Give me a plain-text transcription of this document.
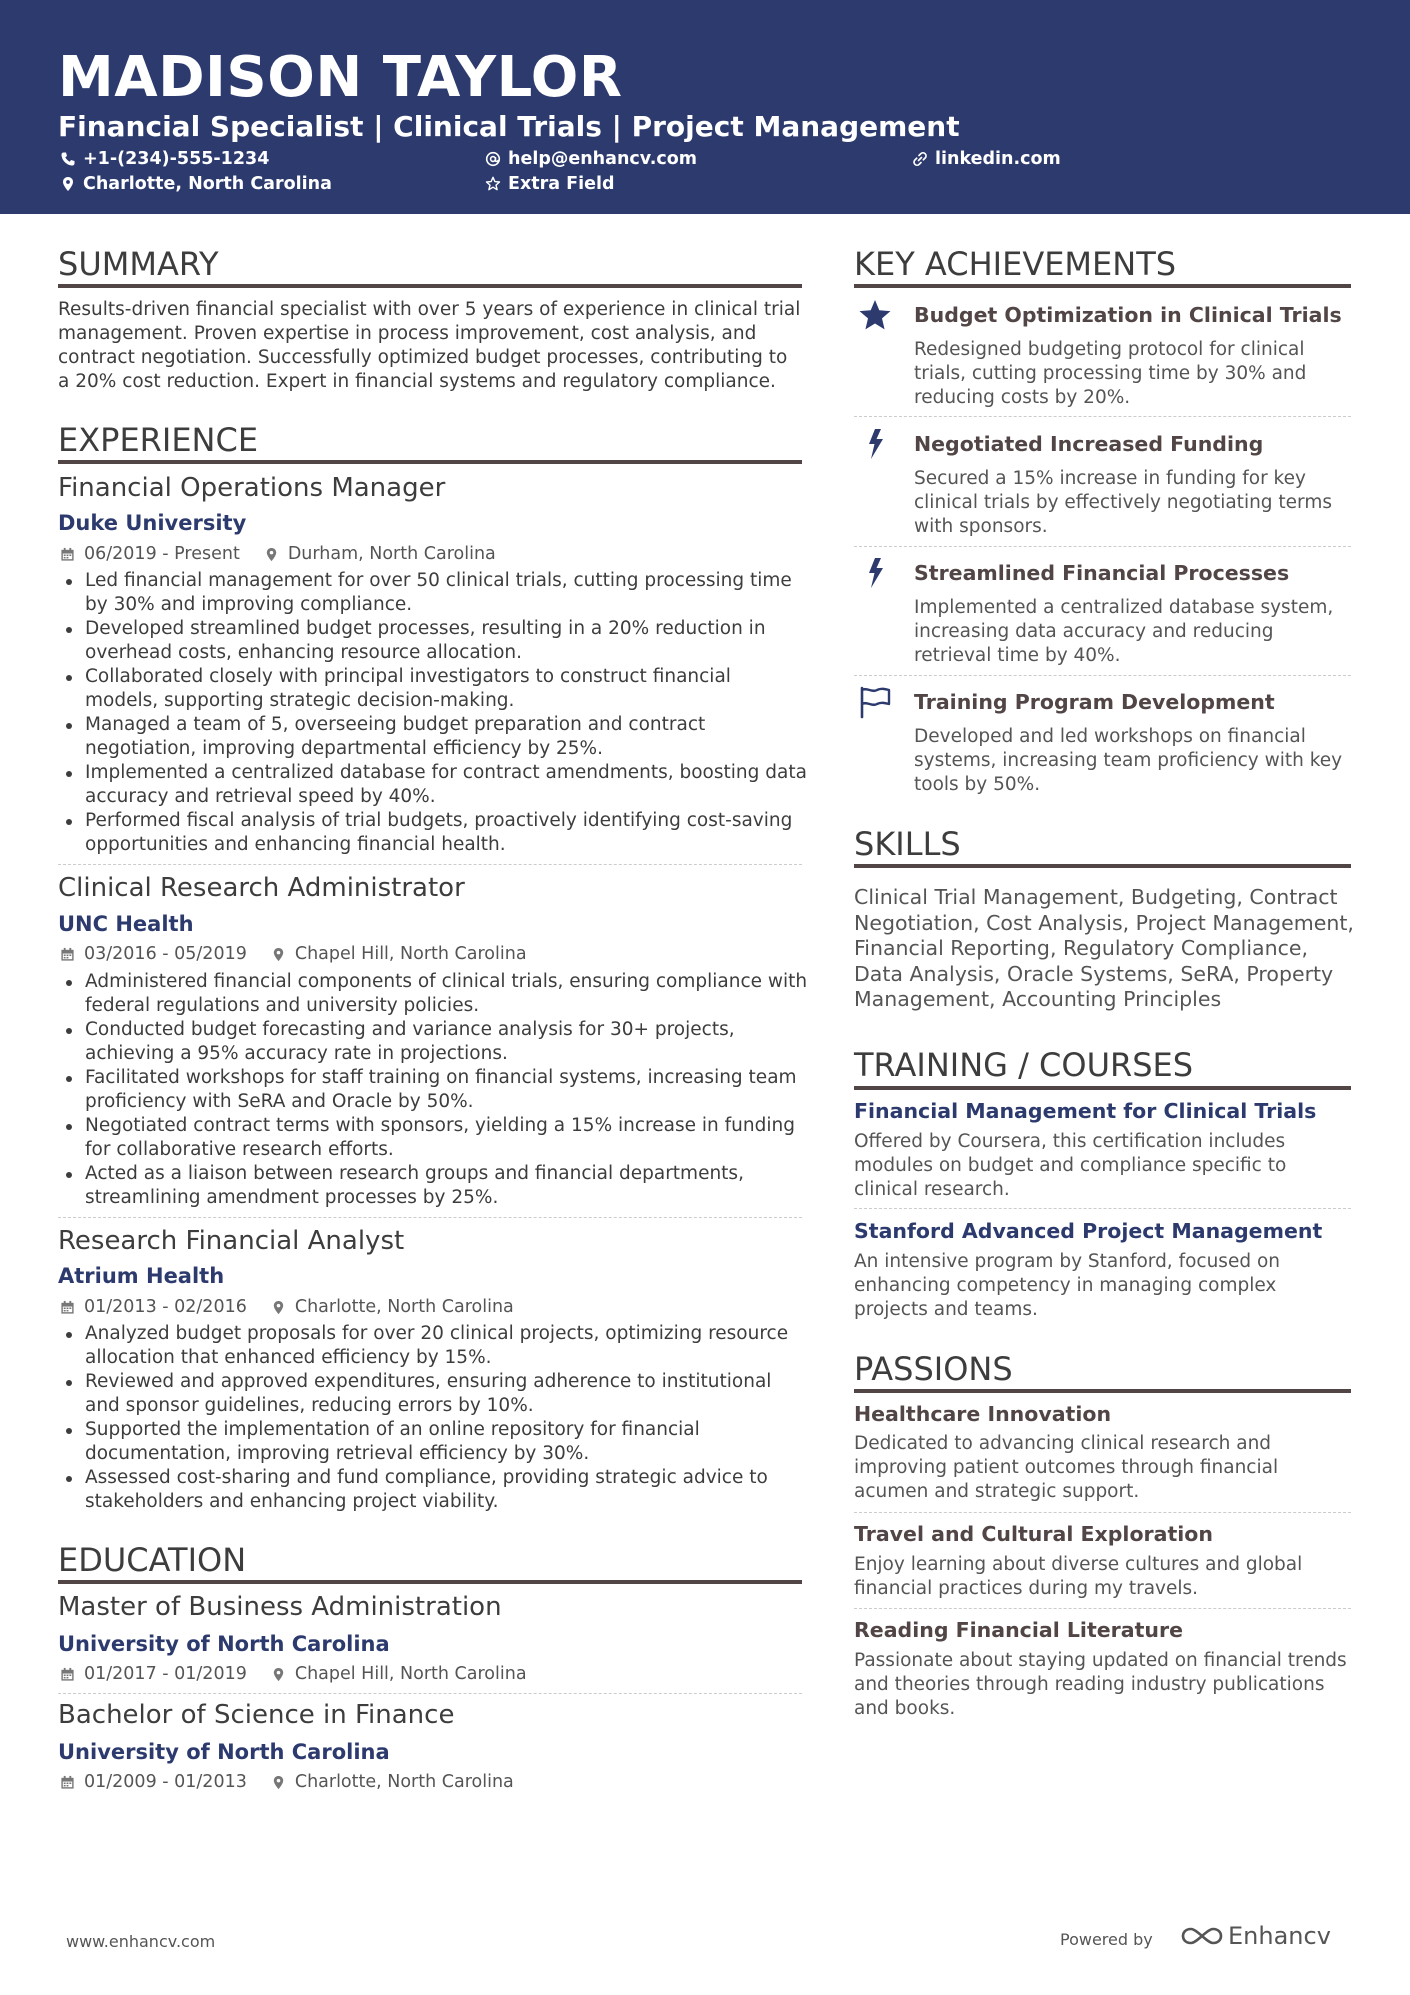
MADISON TAYLOR
Financial Specialist | Clinical Trials | Project Management
+1-(234)-555-1234	help@enhancv.com	linkedin.com
Charlotte, North Carolina	Extra Field
SUMMARY
Results-driven financial specialist with over 5 years of experience in clinical trial management. Proven expertise in process improvement, cost analysis, and contract negotiation. Successfully optimized budget processes, contributing to a 20% cost reduction. Expert in financial systems and regulatory compliance.
EXPERIENCE
Financial Operations Manager
Duke University
06/2019 - Present	Durham, North Carolina
Led financial management for over 50 clinical trials, cutting processing time by 30% and improving compliance.
Developed streamlined budget processes, resulting in a 20% reduction in overhead costs, enhancing resource allocation.
Collaborated closely with principal investigators to construct financial models, supporting strategic decision-making.
Managed a team of 5, overseeing budget preparation and contract negotiation, improving departmental efficiency by 25%.
Implemented a centralized database for contract amendments, boosting data accuracy and retrieval speed by 40%.
Performed fiscal analysis of trial budgets, proactively identifying cost-saving opportunities and enhancing financial health.
Clinical Research Administrator
UNC Health
03/2016 - 05/2019	Chapel Hill, North Carolina
Administered financial components of clinical trials, ensuring compliance with federal regulations and university policies.
Conducted budget forecasting and variance analysis for 30+ projects, achieving a 95% accuracy rate in projections.
Facilitated workshops for staff training on financial systems, increasing team proficiency with SeRA and Oracle by 50%.
Negotiated contract terms with sponsors, yielding a 15% increase in funding for collaborative research efforts.
Acted as a liaison between research groups and financial departments, streamlining amendment processes by 25%.
Research Financial Analyst
Atrium Health
01/2013 - 02/2016	Charlotte, North Carolina
Analyzed budget proposals for over 20 clinical projects, optimizing resource allocation that enhanced efficiency by 15%.
Reviewed and approved expenditures, ensuring adherence to institutional and sponsor guidelines, reducing errors by 10%.
Supported the implementation of an online repository for financial documentation, improving retrieval efficiency by 30%.
Assessed cost-sharing and fund compliance, providing strategic advice to stakeholders and enhancing project viability.
EDUCATION
Master of Business Administration
University of North Carolina
01/2017 - 01/2019	Chapel Hill, North Carolina
Bachelor of Science in Finance
University of North Carolina
01/2009 - 01/2013	Charlotte, North Carolina
KEY ACHIEVEMENTS
Budget Optimization in Clinical Trials
Redesigned budgeting protocol for clinical trials, cutting processing time by 30% and reducing costs by 20%.
Negotiated Increased Funding
Secured a 15% increase in funding for key clinical trials by effectively negotiating terms with sponsors.
Streamlined Financial Processes
Implemented a centralized database system, increasing data accuracy and reducing retrieval time by 40%.
Training Program Development
Developed and led workshops on financial systems, increasing team proficiency with key tools by 50%.
SKILLS
Clinical Trial Management, Budgeting, Contract Negotiation, Cost Analysis, Project Management, Financial Reporting, Regulatory Compliance, Data Analysis, Oracle Systems, SeRA, Property Management, Accounting Principles
TRAINING / COURSES
Financial Management for Clinical Trials
Offered by Coursera, this certification includes modules on budget and compliance specific to clinical research.
Stanford Advanced Project Management
An intensive program by Stanford, focused on enhancing competency in managing complex projects and teams.
PASSIONS
Healthcare Innovation
Dedicated to advancing clinical research and improving patient outcomes through financial acumen and strategic support.
Travel and Cultural Exploration
Enjoy learning about diverse cultures and global financial practices during my travels.
Reading Financial Literature
Passionate about staying updated on financial trends and theories through reading industry publications and books.
www.enhancv.com	Powered by	Enhancv
